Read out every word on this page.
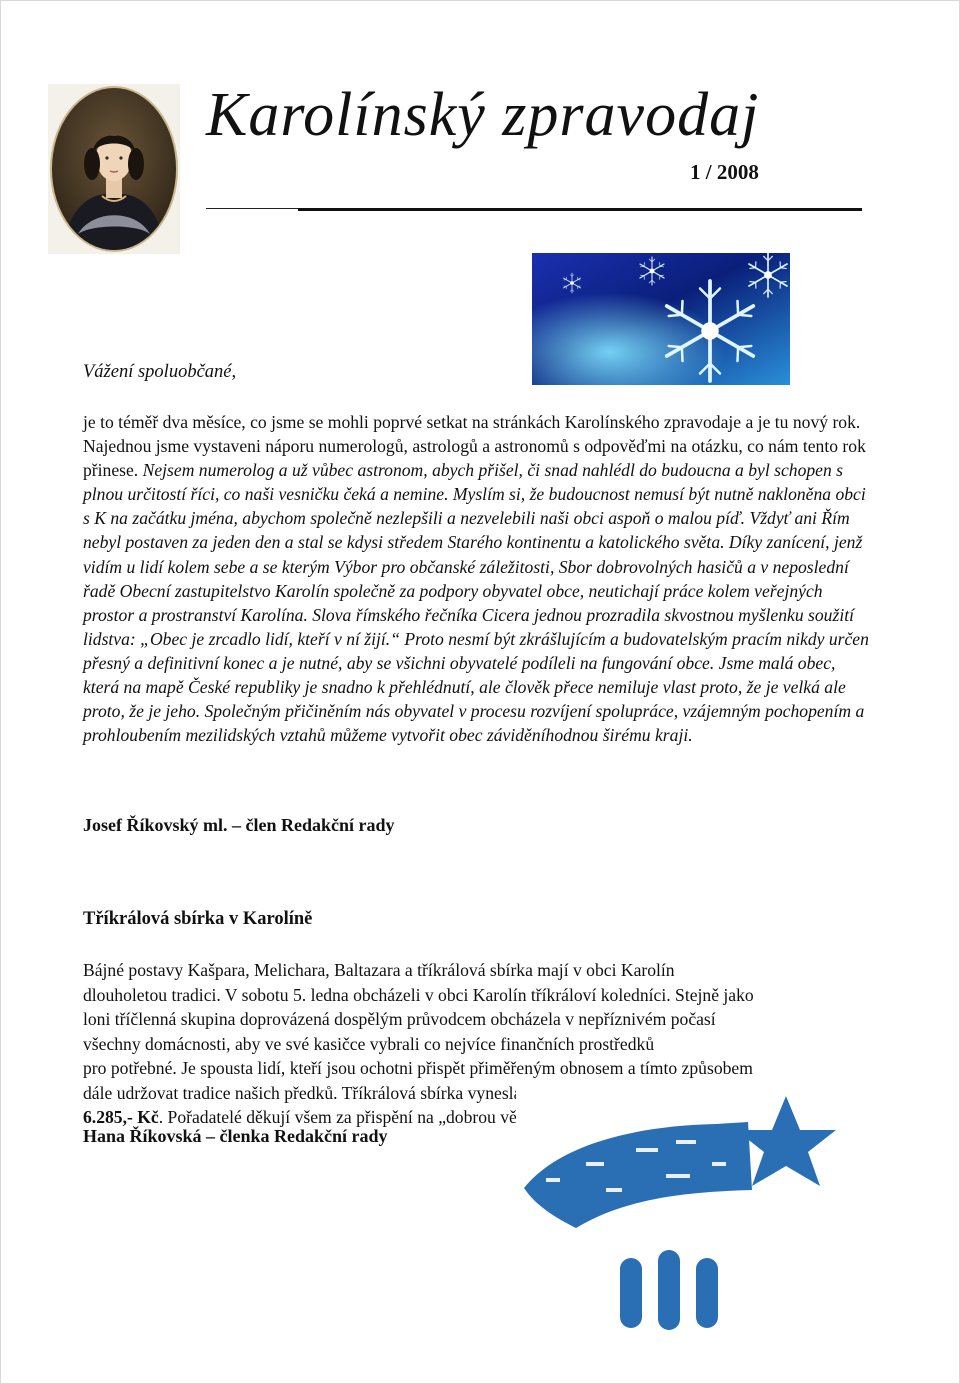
Karolínský zpravodaj
1 / 2008
Vážení spoluobčané,

je to téměř dva měsíce, co jsme se mohli poprvé setkat na stránkách Karolínského zpravodaje a je tu nový rok. Najednou jsme vystaveni náporu numerologů, astrologů a astronomů s odpověďmi na otázku, co nám tento rok přinese. Nejsem numerolog a už vůbec astronom, abych přišel, či snad nahlédl do budoucna a byl schopen s plnou určitostí říci, co naši vesničku čeká a nemine. Myslím si, že budoucnost nemusí být nutně nakloněna obci s K na začátku jména, abychom společně nezlepšili a nezvelebili naši obci aspoň o malou píď. Vždyť ani Řím nebyl postaven za jeden den a stal se kdysi středem Starého kontinentu a katolického světa. Díky zanícení, jenž vidím u lidí kolem sebe a se kterým Výbor pro občanské záležitosti, Sbor dobrovolných hasičů a v neposlední řadě Obecní zastupitelstvo Karolín společně za podpory obyvatel obce, neutichají práce kolem veřejných prostor a prostranství Karolína. Slova římského řečníka Cicera jednou prozradila skvostnou myšlenku soužití lidstva: „Obec je zrcadlo lidí, kteří v ní žijí.“ Proto nesmí být zkrášlujícím a budovatelským pracím nikdy určen přesný a definitivní konec a je nutné, aby se všichni obyvatelé podíleli na fungování obce. Jsme malá obec, která na mapě České republiky je snadno k přehlédnutí, ale člověk přece nemiluje vlast proto, že je velká ale proto, že je jeho. Společným přičiněním nás obyvatel v procesu rozvíjení spolupráce, vzájemným pochopením a prohloubením mezilidských vztahů můžeme vytvořit obec záviděníhodnou širému kraji.

Josef Říkovský ml. – člen Redakční rady
Tříkrálová sbírka v Karolíně

Bájné postavy Kašpara, Melichara, Baltazara a tříkrálová sbírka mají v obci Karolín
dlouholetou tradici. V sobotu 5. ledna obcházeli v obci Karolín tříkráloví koledníci. Stejně jako
loni tříčlenná skupina doprovázená dospělým průvodcem obcházela v nepříznivém počasí
všechny domácnosti, aby ve své kasičce vybrali co nejvíce finančních prostředků
pro potřebné. Je spousta lidí, kteří jsou ochotni přispět přiměřeným obnosem a tímto způsobem
dále udržovat tradice našich předků. Tříkrálová sbírka vynesla v naší obci
6.285,- Kč. Pořadatelé děkují všem za přispění na „dobrou věc“.

Hana Říkovská – členka Redakční rady
